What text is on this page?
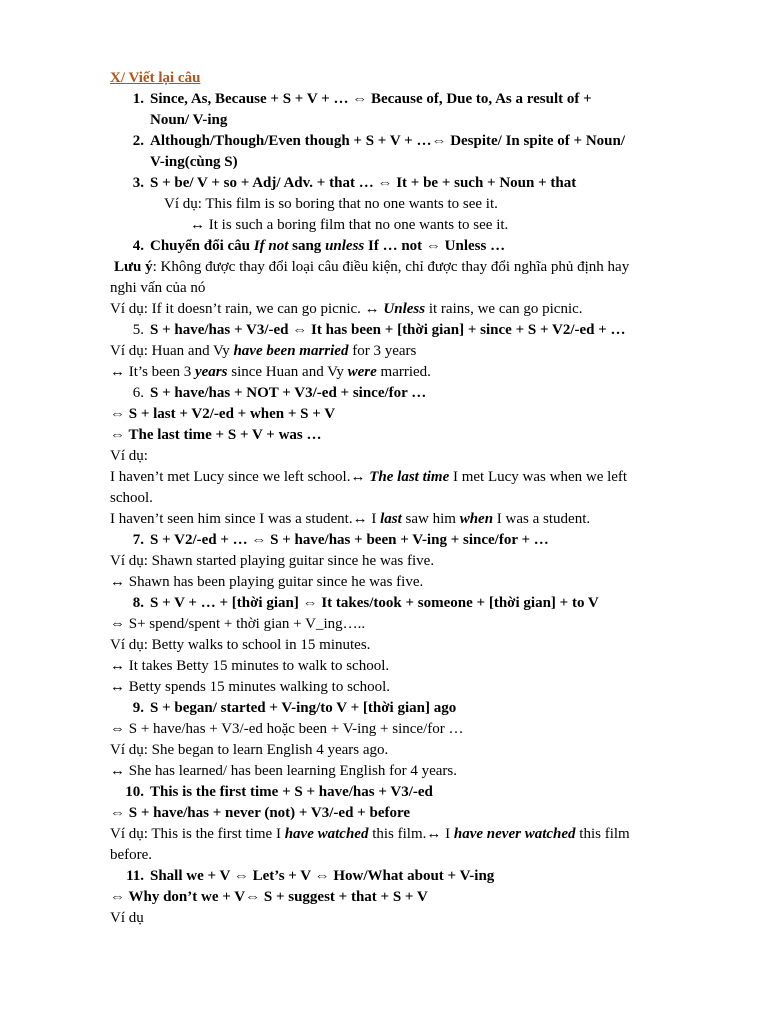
X/ Viết lại câu
1. Since, As, Because + S + V + … ⇔ Because of, Due to, As a result of +
Noun/ V-ing
2. Although/Though/Even though + S + V + …⇔ Despite/ In spite of + Noun/
V-ing(cùng S)
3. S + be/ V + so + Adj/ Adv. + that … ⇔ It + be + such + Noun + that
Ví dụ: This film is so boring that no one wants to see it.
↔ It is such a boring film that no one wants to see it.
4. Chuyển đổi câu If not sang unless If … not ⇔ Unless …
Lưu ý: Không được thay đổi loại câu điều kiện, chỉ được thay đổi nghĩa phủ định hay
nghi vấn của nó
Ví dụ: If it doesn’t rain, we can go picnic. ↔ Unless it rains, we can go picnic.
5. S + have/has + V3/-ed ⇔ It has been + [thời gian] + since + S + V2/-ed + …
Ví dụ: Huan and Vy have been married for 3 years
↔ It’s been 3 years since Huan and Vy were married.
6. S + have/has + NOT + V3/-ed + since/for …
⇔ S + last + V2/-ed + when + S + V
⇔ The last time + S + V + was …
Ví dụ:
I haven’t met Lucy since we left school.↔ The last time I met Lucy was when we left
school.
I haven’t seen him since I was a student.↔ I last saw him when I was a student.
7. S + V2/-ed + … ⇔ S + have/has + been + V-ing + since/for + …
Ví dụ: Shawn started playing guitar since he was five.
↔ Shawn has been playing guitar since he was five.
8. S + V + … + [thời gian] ⇔ It takes/took + someone + [thời gian] + to V
⇔ S+ spend/spent + thời gian + V_ing…..
Ví dụ: Betty walks to school in 15 minutes.
↔ It takes Betty 15 minutes to walk to school.
↔ Betty spends 15 minutes walking to school.
9. S + began/ started + V-ing/to V + [thời gian] ago
⇔ S + have/has + V3/-ed hoặc been + V-ing + since/for …
Ví dụ: She began to learn English 4 years ago.
↔ She has learned/ has been learning English for 4 years.
10. This is the first time + S + have/has + V3/-ed
⇔ S + have/has + never (not) + V3/-ed + before
Ví dụ: This is the first time I have watched this film.↔ I have never watched this film
before.
11. Shall we + V ⇔ Let’s + V ⇔ How/What about + V-ing
⇔ Why don’t we + V⇔ S + suggest + that + S + V
Ví dụ
